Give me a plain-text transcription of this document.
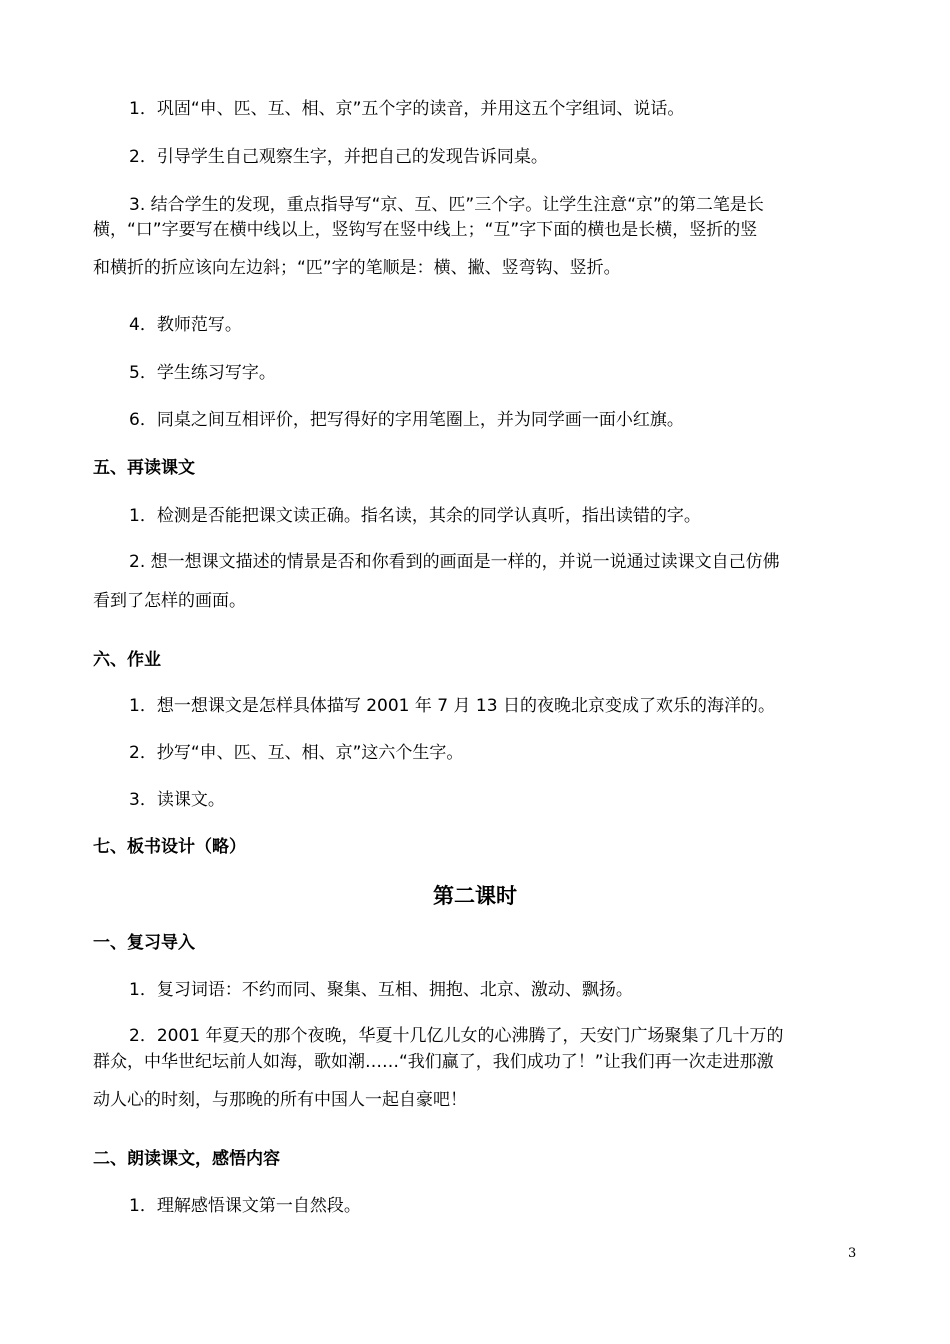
1．巩固“申、匹、互、相、京”五个字的读音，并用这五个字组词、说话。
2．引导学生自己观察生字，并把自己的发现告诉同桌。
3. 结合学生的发现，重点指导写“京、互、匹”三个字。让学生注意“京”的第二笔是长
横，“口”字要写在横中线以上，竖钩写在竖中线上；“互”字下面的横也是长横，竖折的竖
和横折的折应该向左边斜；“匹”字的笔顺是：横、撇、竖弯钩、竖折。
4．教师范写。
5．学生练习写字。
6．同桌之间互相评价，把写得好的字用笔圈上，并为同学画一面小红旗。
五、再读课文
1．检测是否能把课文读正确。指名读，其余的同学认真听，指出读错的字。
2. 想一想课文描述的情景是否和你看到的画面是一样的，并说一说通过读课文自己仿佛
看到了怎样的画面。
六、作业
1．想一想课文是怎样具体描写 2001 年 7 月 13 日的夜晚北京变成了欢乐的海洋的。
2．抄写“申、匹、互、相、京”这六个生字。
3．读课文。
七、板书设计（略）
第二课时
一、复习导入
1．复习词语：不约而同、聚集、互相、拥抱、北京、激动、飘扬。
2．2001 年夏天的那个夜晚，华夏十几亿儿女的心沸腾了，天安门广场聚集了几十万的
群众，中华世纪坛前人如海，歌如潮……“我们赢了，我们成功了！”让我们再一次走进那激
动人心的时刻，与那晚的所有中国人一起自豪吧！
二、朗读课文，感悟内容
1．理解感悟课文第一自然段。
3
